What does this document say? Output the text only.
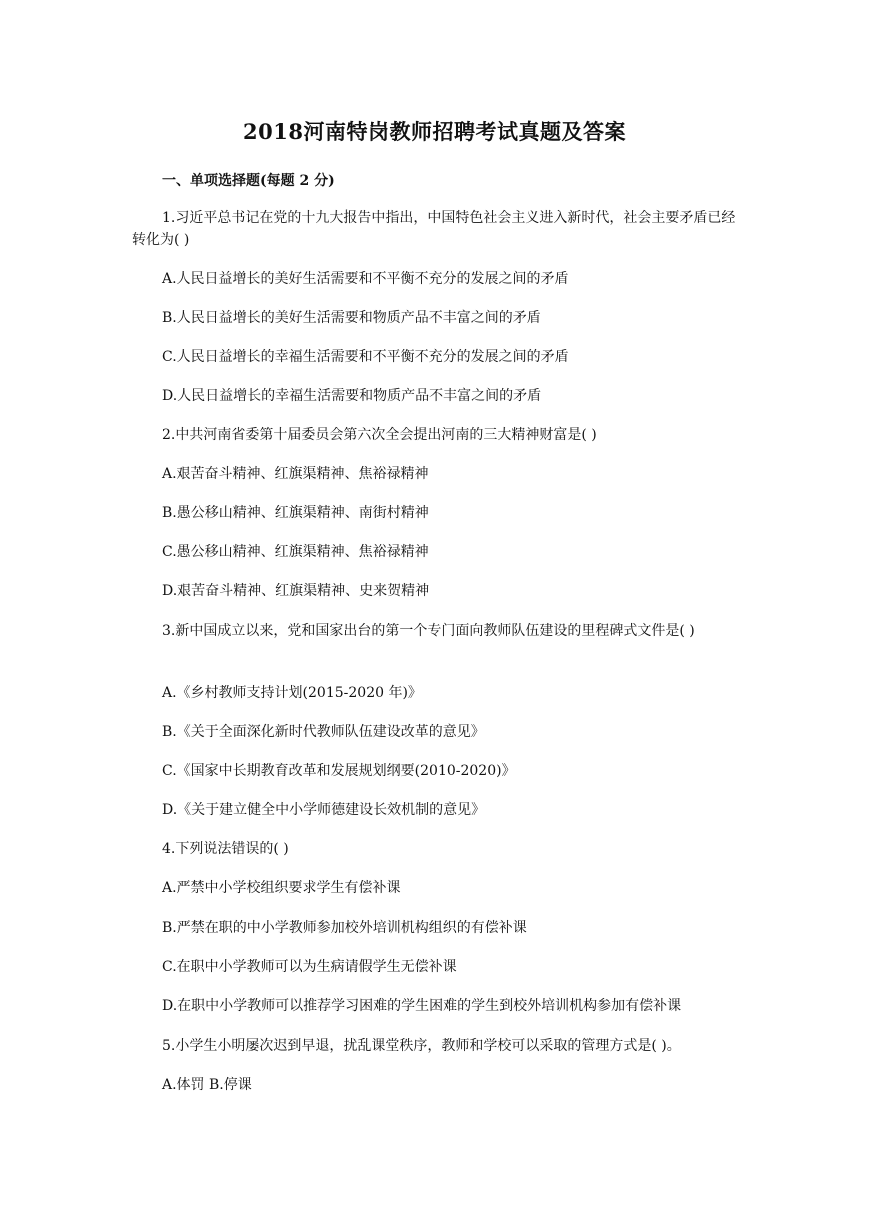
2018河南特岗教师招聘考试真题及答案
一、单项选择题(每题 2 分)
1.习近平总书记在党的十九大报告中指出，中国特色社会主义进入新时代，社会主要矛盾已经转化为( )
A.人民日益增长的美好生活需要和不平衡不充分的发展之间的矛盾
B.人民日益增长的美好生活需要和物质产品不丰富之间的矛盾
C.人民日益增长的幸福生活需要和不平衡不充分的发展之间的矛盾
D.人民日益增长的幸福生活需要和物质产品不丰富之间的矛盾
2.中共河南省委第十届委员会第六次全会提出河南的三大精神财富是( )
A.艰苦奋斗精神、红旗渠精神、焦裕禄精神
B.愚公移山精神、红旗渠精神、南街村精神
C.愚公移山精神、红旗渠精神、焦裕禄精神
D.艰苦奋斗精神、红旗渠精神、史来贺精神
3.新中国成立以来，党和国家出台的第一个专门面向教师队伍建设的里程碑式文件是( )
A.《乡村教师支持计划(2015-2020 年)》
B.《关于全面深化新时代教师队伍建设改革的意见》
C.《国家中长期教育改革和发展规划纲要(2010-2020)》
D.《关于建立健全中小学师德建设长效机制的意见》
4.下列说法错误的( )
A.严禁中小学校组织要求学生有偿补课
B.严禁在职的中小学教师参加校外培训机构组织的有偿补课
C.在职中小学教师可以为生病请假学生无偿补课
D.在职中小学教师可以推荐学习困难的学生困难的学生到校外培训机构参加有偿补课
5.小学生小明屡次迟到早退，扰乱课堂秩序，教师和学校可以采取的管理方式是( )。
A.体罚 B.停课
